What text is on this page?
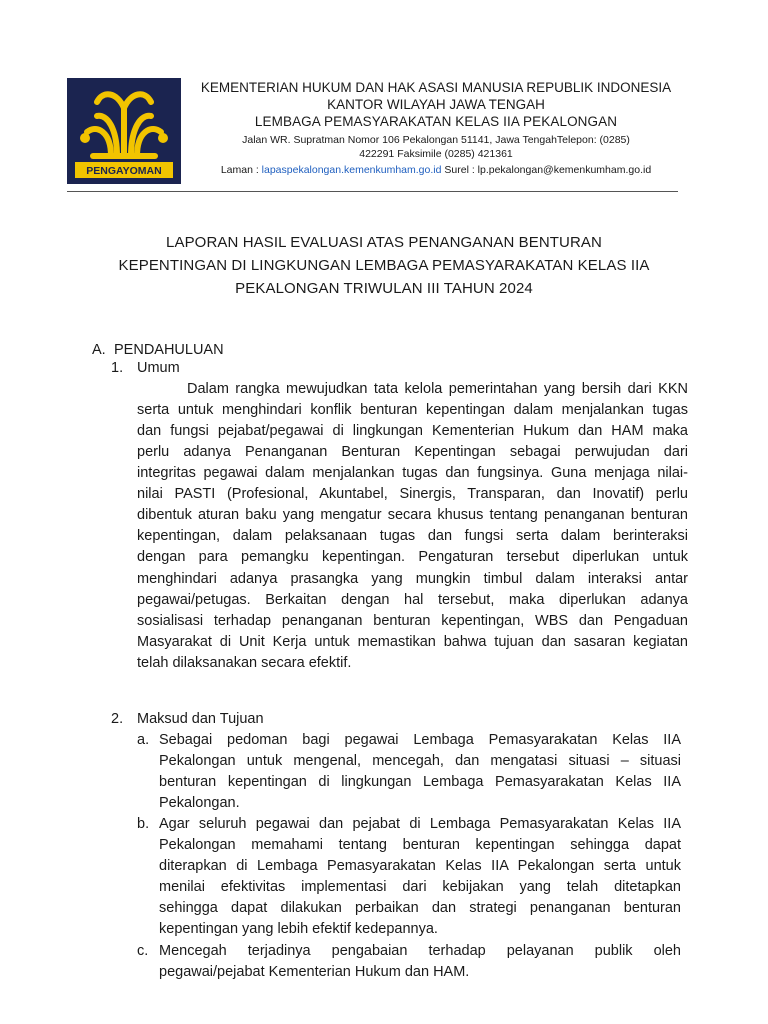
PENGAYOMAN
KEMENTERIAN HUKUM DAN HAK ASASI MANUSIA REPUBLIK INDONESIA
KANTOR WILAYAH JAWA TENGAH
LEMBAGA PEMASYARAKATAN KELAS IIA PEKALONGAN
Jalan WR. Supratman Nomor 106 Pekalongan 51141, Jawa TengahTelepon: (0285)
422291 Faksimile (0285) 421361
Laman : lapaspekalongan.kemenkumham.go.id Surel : lp.pekalongan@kemenkumham.go.id
LAPORAN HASIL EVALUASI ATAS PENANGANAN BENTURAN
KEPENTINGAN DI LINGKUNGAN LEMBAGA PEMASYARAKATAN KELAS IIA
PEKALONGAN TRIWULAN III TAHUN 2024
A. PENDAHULUAN
1. Umum
Dalam rangka mewujudkan tata kelola pemerintahan yang bersih dari KKN
serta untuk menghindari konflik benturan kepentingan dalam menjalankan tugas
dan fungsi pejabat/pegawai di lingkungan Kementerian Hukum dan HAM maka
perlu adanya Penanganan Benturan Kepentingan sebagai perwujudan dari
integritas pegawai dalam menjalankan tugas dan fungsinya. Guna menjaga nilai-
nilai PASTI (Profesional, Akuntabel, Sinergis, Transparan, dan Inovatif) perlu
dibentuk aturan baku yang mengatur secara khusus tentang penanganan benturan
kepentingan, dalam pelaksanaan tugas dan fungsi serta dalam berinteraksi
dengan para pemangku kepentingan. Pengaturan tersebut diperlukan untuk
menghindari adanya prasangka yang mungkin timbul dalam interaksi antar
pegawai/petugas. Berkaitan dengan hal tersebut, maka diperlukan adanya
sosialisasi terhadap penanganan benturan kepentingan, WBS dan Pengaduan
Masyarakat di Unit Kerja untuk memastikan bahwa tujuan dan sasaran kegiatan
telah dilaksanakan secara efektif.
2. Maksud dan Tujuan
a. Sebagai pedoman bagi pegawai Lembaga Pemasyarakatan Kelas IIA
Pekalongan untuk mengenal, mencegah, dan mengatasi situasi – situasi
benturan kepentingan di lingkungan Lembaga Pemasyarakatan Kelas IIA
Pekalongan.
b. Agar seluruh pegawai dan pejabat di Lembaga Pemasyarakatan Kelas IIA
Pekalongan memahami tentang benturan kepentingan sehingga dapat
diterapkan di Lembaga Pemasyarakatan Kelas IIA Pekalongan serta untuk
menilai efektivitas implementasi dari kebijakan yang telah ditetapkan
sehingga dapat dilakukan perbaikan dan strategi penanganan benturan
kepentingan yang lebih efektif kedepannya.
c. Mencegah terjadinya pengabaian terhadap pelayanan publik oleh
pegawai/pejabat Kementerian Hukum dan HAM.
